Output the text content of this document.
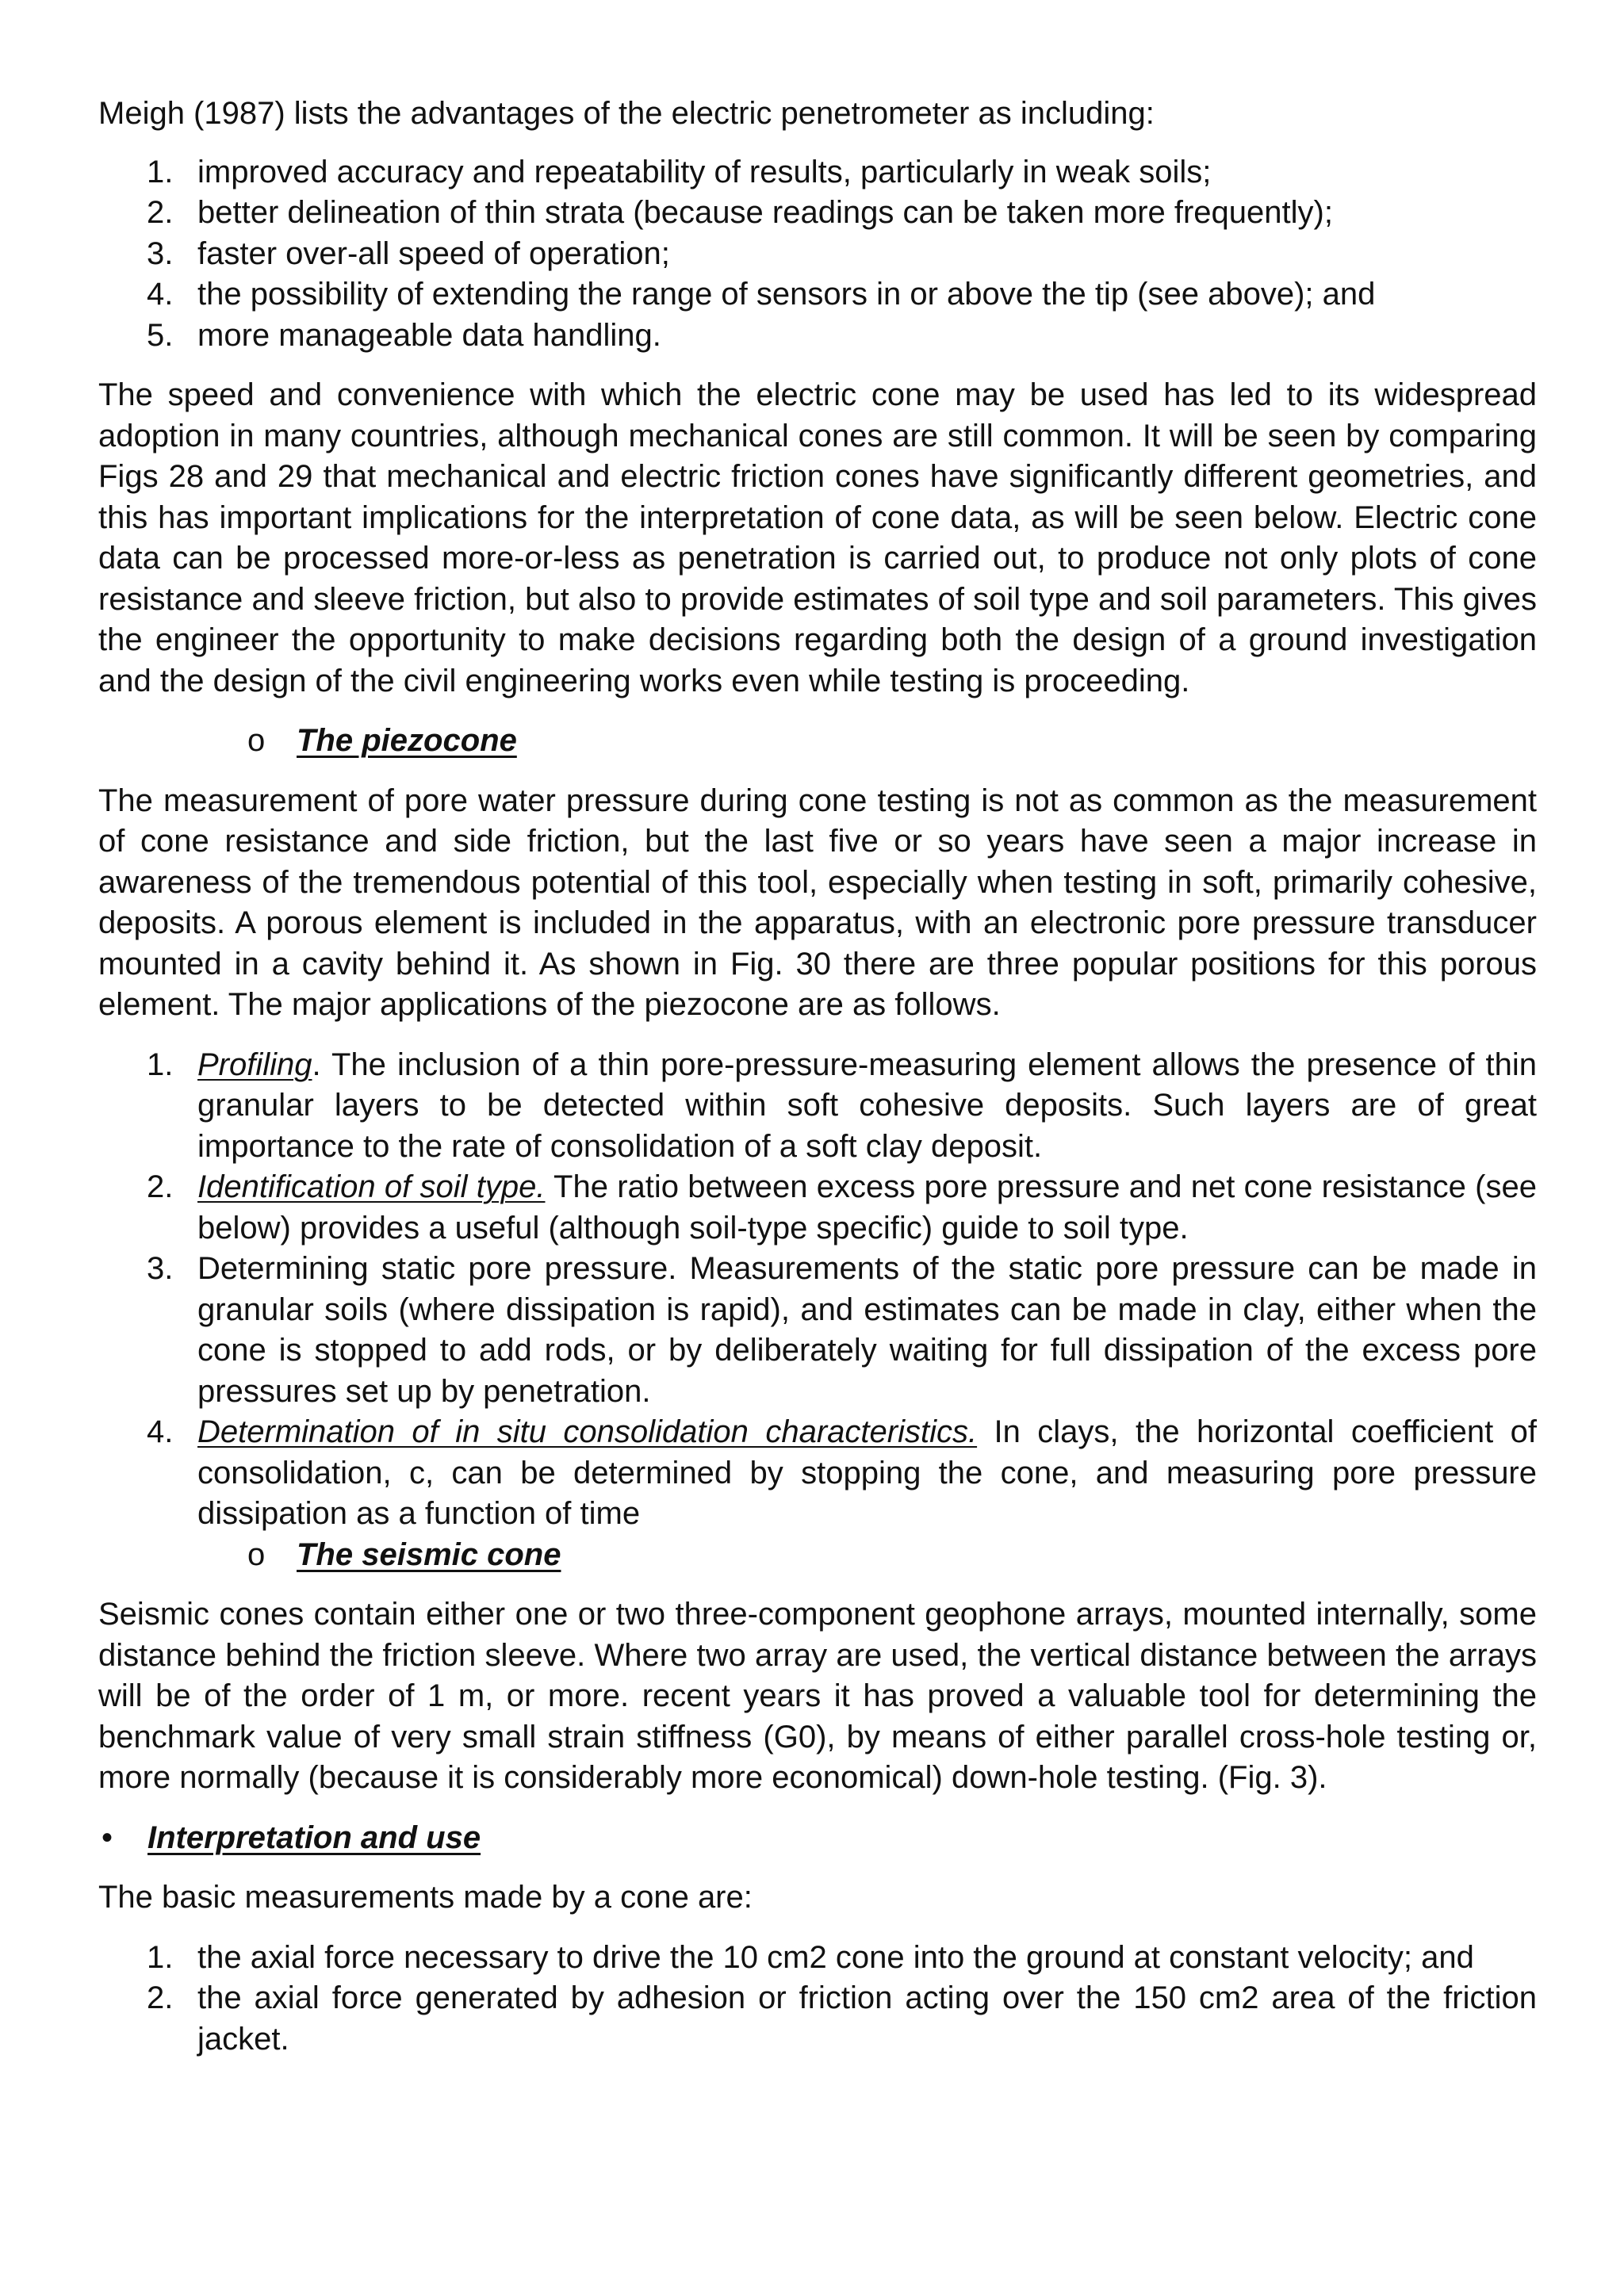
Meigh (1987) lists the advantages of the electric penetrometer as including:

1. improved accuracy and repeatability of results, particularly in weak soils;
2. better delineation of thin strata (because readings can be taken more frequently);
3. faster over-all speed of operation;
4. the possibility of extending the range of sensors in or above the tip (see above); and
5. more manageable data handling.

The speed and convenience with which the electric cone may be used has led to its widespread adoption in many countries, although mechanical cones are still common. It will be seen by comparing Figs 28 and 29 that mechanical and electric friction cones have significantly different geometries, and this has important implications for the interpretation of cone data, as will be seen below. Electric cone data can be processed more-or-less as penetration is carried out, to produce not only plots of cone resistance and sleeve friction, but also to provide estimates of soil type and soil parameters. This gives the engineer the opportunity to make decisions regarding both the design of a ground investigation and the design of the civil engineering works even while testing is proceeding.

o The piezocone

The measurement of pore water pressure during cone testing is not as common as the measurement of cone resistance and side friction, but the last five or so years have seen a major increase in awareness of the tremendous potential of this tool, especially when testing in soft, primarily cohesive, deposits. A porous element is included in the apparatus, with an electronic pore pressure transducer mounted in a cavity behind it. As shown in Fig. 30 there are three popular positions for this porous element. The major applications of the piezocone are as follows.

1. Profiling. The inclusion of a thin pore-pressure-measuring element allows the presence of thin granular layers to be detected within soft cohesive deposits. Such layers are of great importance to the rate of consolidation of a soft clay deposit.
2. Identification of soil type. The ratio between excess pore pressure and net cone resistance (see below) provides a useful (although soil-type specific) guide to soil type.
3. Determining static pore pressure. Measurements of the static pore pressure can be made in granular soils (where dissipation is rapid), and estimates can be made in clay, either when the cone is stopped to add rods, or by deliberately waiting for full dissipation of the excess pore pressures set up by penetration.
4. Determination of in situ consolidation characteristics. In clays, the horizontal coefficient of consolidation, c, can be determined by stopping the cone, and measuring pore pressure dissipation as a function of time

o The seismic cone

Seismic cones contain either one or two three-component geophone arrays, mounted internally, some distance behind the friction sleeve. Where two array are used, the vertical distance between the arrays will be of the order of 1 m, or more. recent years it has proved a valuable tool for determining the benchmark value of very small strain stiffness (G0), by means of either parallel cross-hole testing or, more normally (because it is considerably more economical) down-hole testing. (Fig. 3).

• Interpretation and use

The basic measurements made by a cone are:

1. the axial force necessary to drive the 10 cm2 cone into the ground at constant velocity; and
2. the axial force generated by adhesion or friction acting over the 150 cm2 area of the friction jacket.
